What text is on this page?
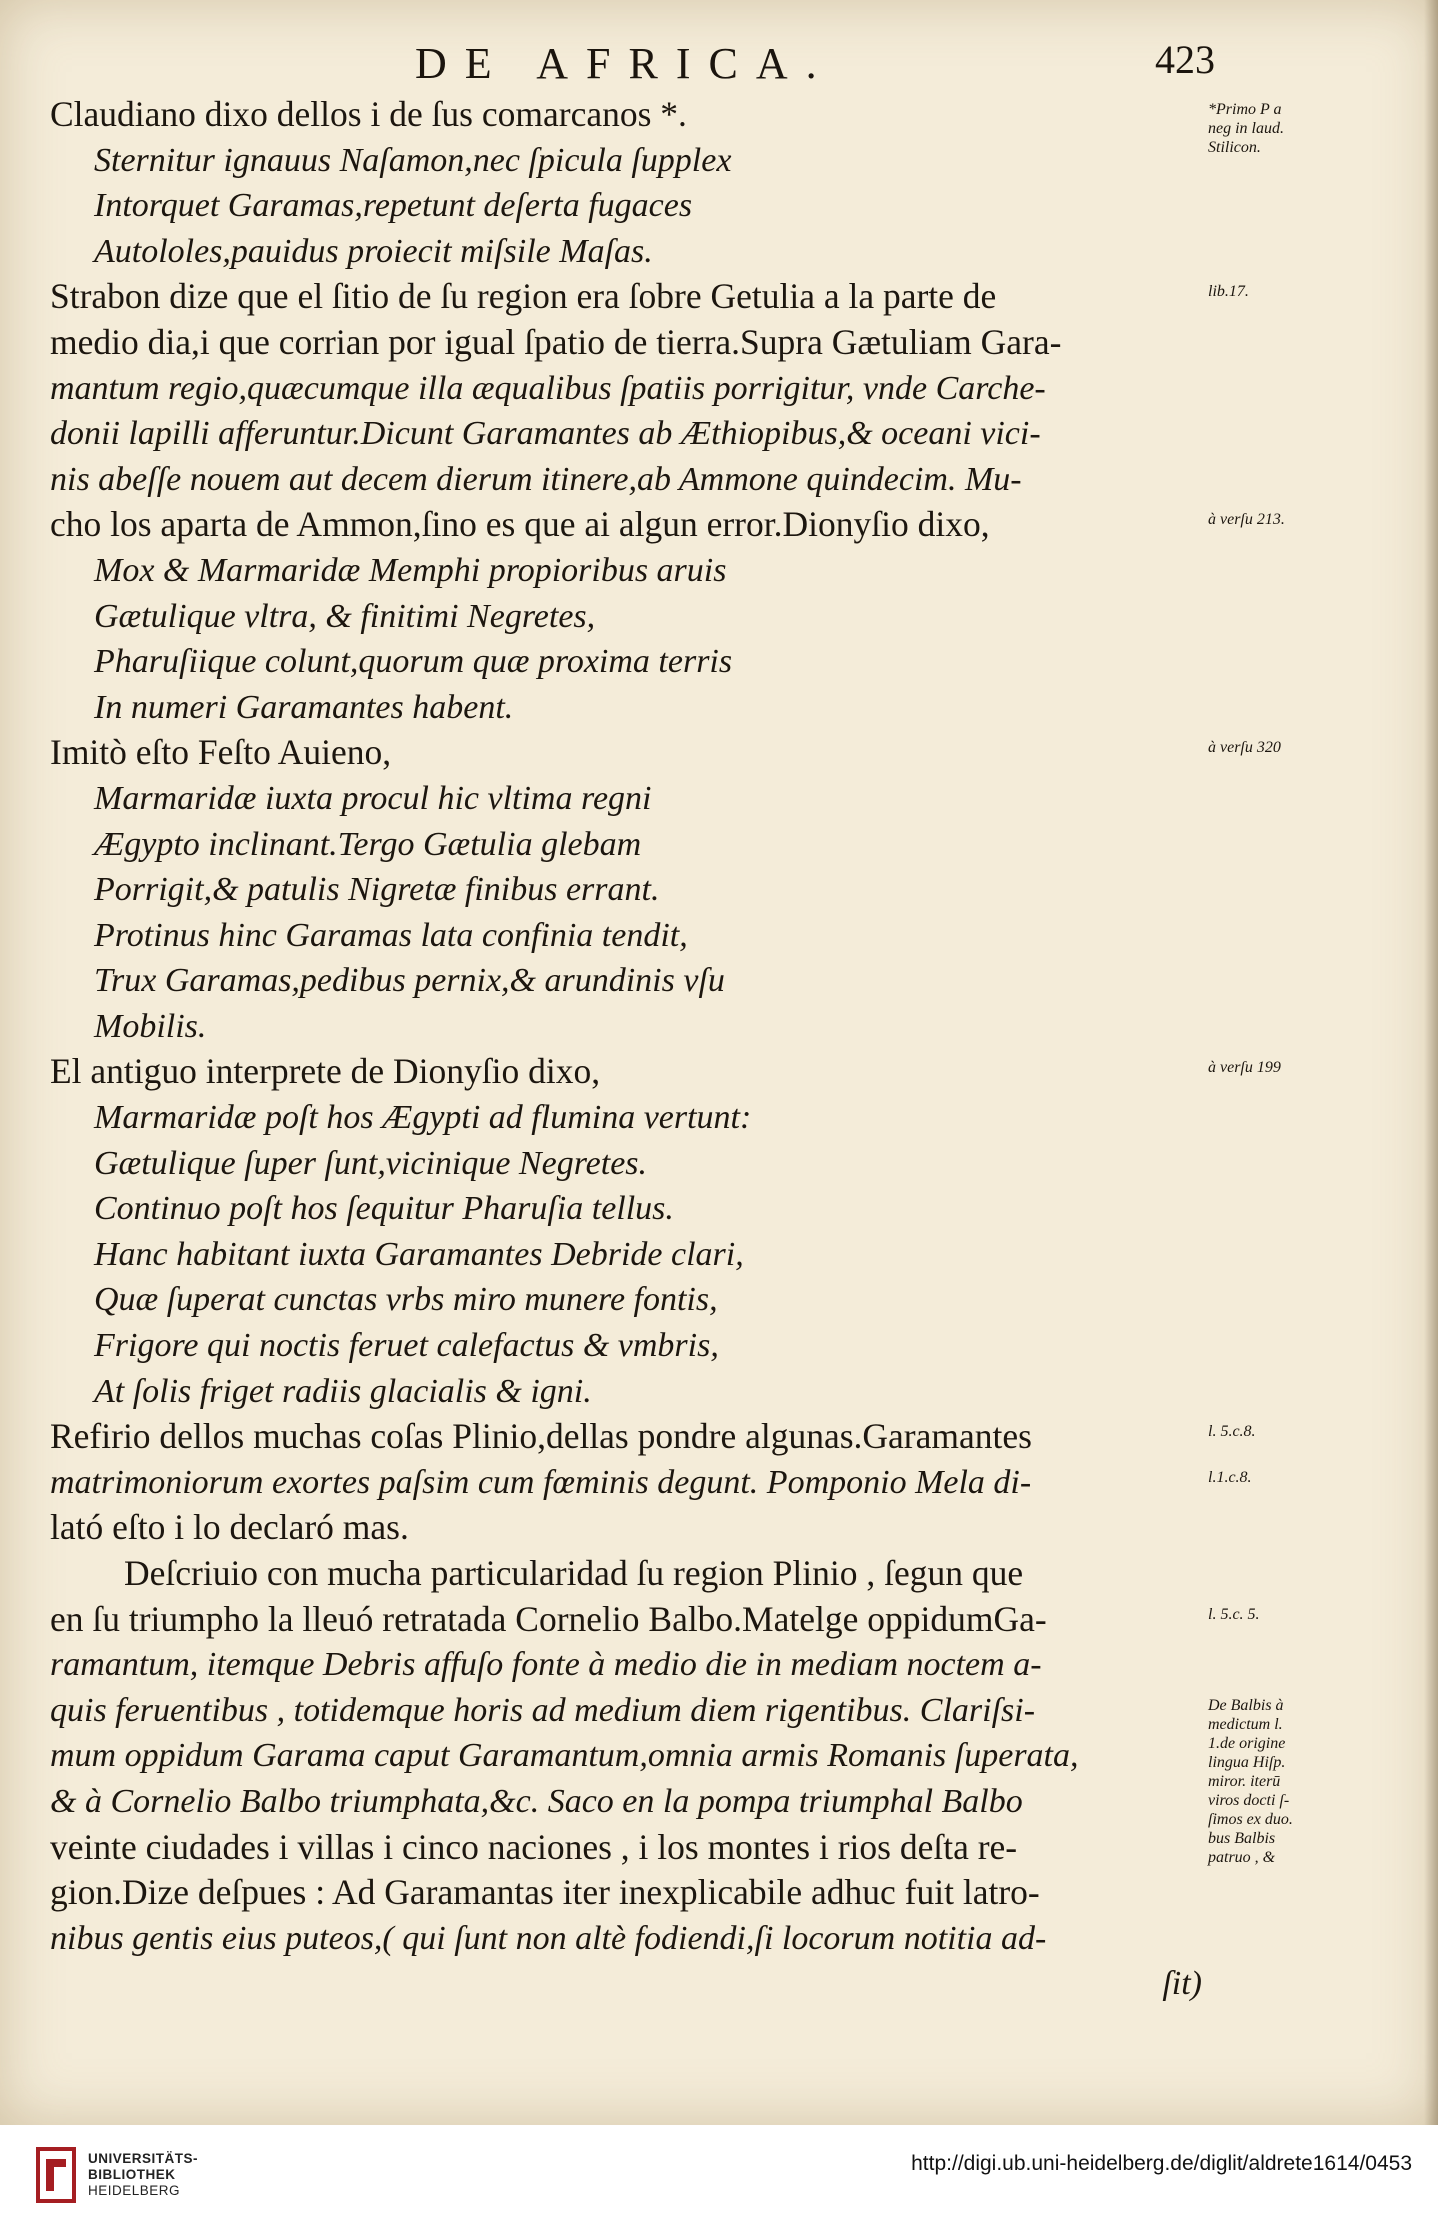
DE AFRICA.	423
Claudiano dixo dellos i de ſus comarcanos *.
Sternitur ignauus Naſamon,nec ſpicula ſupplex
Intorquet Garamas,repetunt deſerta fugaces
Autololes,pauidus proiecit miſsile Maſas.
Strabon dize que el ſitio de ſu region era ſobre Getulia a la parte de
medio dia,i que corrian por igual ſpatio de tierra.Supra Gætuliam Gara-
mantum regio,quæcumque illa æqualibus ſpatiis porrigitur, vnde Carche-
donii lapilli afferuntur.Dicunt Garamantes ab Æthiopibus,& oceani vici-
nis abeſſe nouem aut decem dierum itinere,ab Ammone quindecim. Mu-
cho los aparta de Ammon,ſino es que ai algun error.Dionyſio dixo,
Mox & Marmaridæ Memphi propioribus aruis
Gætulique vltra, & finitimi Negretes,
Pharuſiique colunt,quorum quæ proxima terris
In numeri Garamantes habent.
Imitò eſto Feſto Auieno,
Marmaridæ iuxta procul hic vltima regni
Ægypto inclinant.Tergo Gætulia glebam
Porrigit,& patulis Nigretæ finibus errant.
Protinus hinc Garamas lata confinia tendit,
Trux Garamas,pedibus pernix,& arundinis vſu
Mobilis.
El antiguo interprete de Dionyſio dixo,
Marmaridæ poſt hos Ægypti ad flumina vertunt:
Gætulique ſuper ſunt,vicinique Negretes.
Continuo poſt hos ſequitur Pharuſia tellus.
Hanc habitant iuxta Garamantes Debride clari,
Quæ ſuperat cunctas vrbs miro munere fontis,
Frigore qui noctis feruet calefactus & vmbris,
At ſolis friget radiis glacialis & igni.
Refirio dellos muchas coſas Plinio,dellas pondre algunas.Garamantes
matrimoniorum exortes paſsim cum fœminis degunt. Pomponio Mela di-
lató eſto i lo declaró mas.
Deſcriuio con mucha particularidad ſu region Plinio , ſegun que
en ſu triumpho la lleuó retratada Cornelio Balbo.Matelge oppidumGa-
ramantum, itemque Debris affuſo fonte à medio die in mediam noctem a-
quis feruentibus , totidemque horis ad medium diem rigentibus. Clariſsi-
mum oppidum Garama caput Garamantum,omnia armis Romanis ſuperata,
& à Cornelio Balbo triumphata,&c. Saco en la pompa triumphal Balbo
veinte ciudades i villas i cinco naciones , i los montes i rios deſta re-
gion.Dize deſpues : Ad Garamantas iter inexplicabile adhuc fuit latro-
nibus gentis eius puteos,( qui ſunt non altè fodiendi,ſi locorum notitia ad-
ſit)
*Primo P a
neg in laud.
Stilicon.
lib.17.
à verſu 213.
à verſu 320
à verſu 199
l. 5.c.8.
l.1.c.8.
l. 5.c. 5.
De Balbis à
medictum l.
1.de origine
lingua Hiſp.
miror. iterū
viros docti ſ-
ſimos ex duo.
bus Balbis
patruo , &
UNIVERSITÄTS-
BIBLIOTHEK
HEIDELBERG
http://digi.ub.uni-heidelberg.de/diglit/aldrete1614/0453
